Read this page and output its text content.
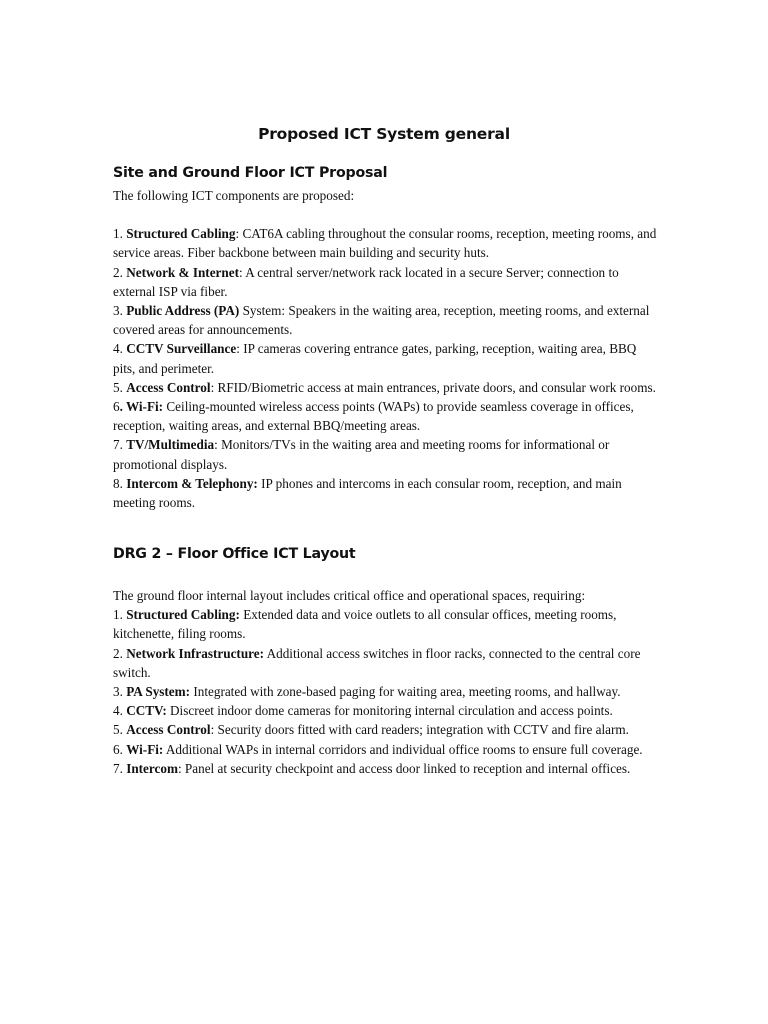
Proposed ICT System general
Site and Ground Floor ICT Proposal

The following ICT components are proposed:

1. Structured Cabling: CAT6A cabling throughout the consular rooms, reception, meeting rooms, and service areas. Fiber backbone between main building and security huts.
2. Network & Internet: A central server/network rack located in a secure Server; connection to external ISP via fiber.
3. Public Address (PA) System: Speakers in the waiting area, reception, meeting rooms, and external covered areas for announcements.
4. CCTV Surveillance: IP cameras covering entrance gates, parking, reception, waiting area, BBQ pits, and perimeter.
5. Access Control: RFID/Biometric access at main entrances, private doors, and consular work rooms.
6. Wi-Fi: Ceiling-mounted wireless access points (WAPs) to provide seamless coverage in offices, reception, waiting areas, and external BBQ/meeting areas.
7. TV/Multimedia: Monitors/TVs in the waiting area and meeting rooms for informational or promotional displays.
8. Intercom & Telephony: IP phones and intercoms in each consular room, reception, and main meeting rooms.
DRG 2 – Floor Office ICT Layout

The ground floor internal layout includes critical office and operational spaces, requiring:

1. Structured Cabling: Extended data and voice outlets to all consular offices, meeting rooms, kitchenette, filing rooms.
2. Network Infrastructure: Additional access switches in floor racks, connected to the central core switch.
3. PA System: Integrated with zone-based paging for waiting area, meeting rooms, and hallway.
4. CCTV: Discreet indoor dome cameras for monitoring internal circulation and access points.
5. Access Control: Security doors fitted with card readers; integration with CCTV and fire alarm.
6. Wi-Fi: Additional WAPs in internal corridors and individual office rooms to ensure full coverage.
7. Intercom: Panel at security checkpoint and access door linked to reception and internal offices.
